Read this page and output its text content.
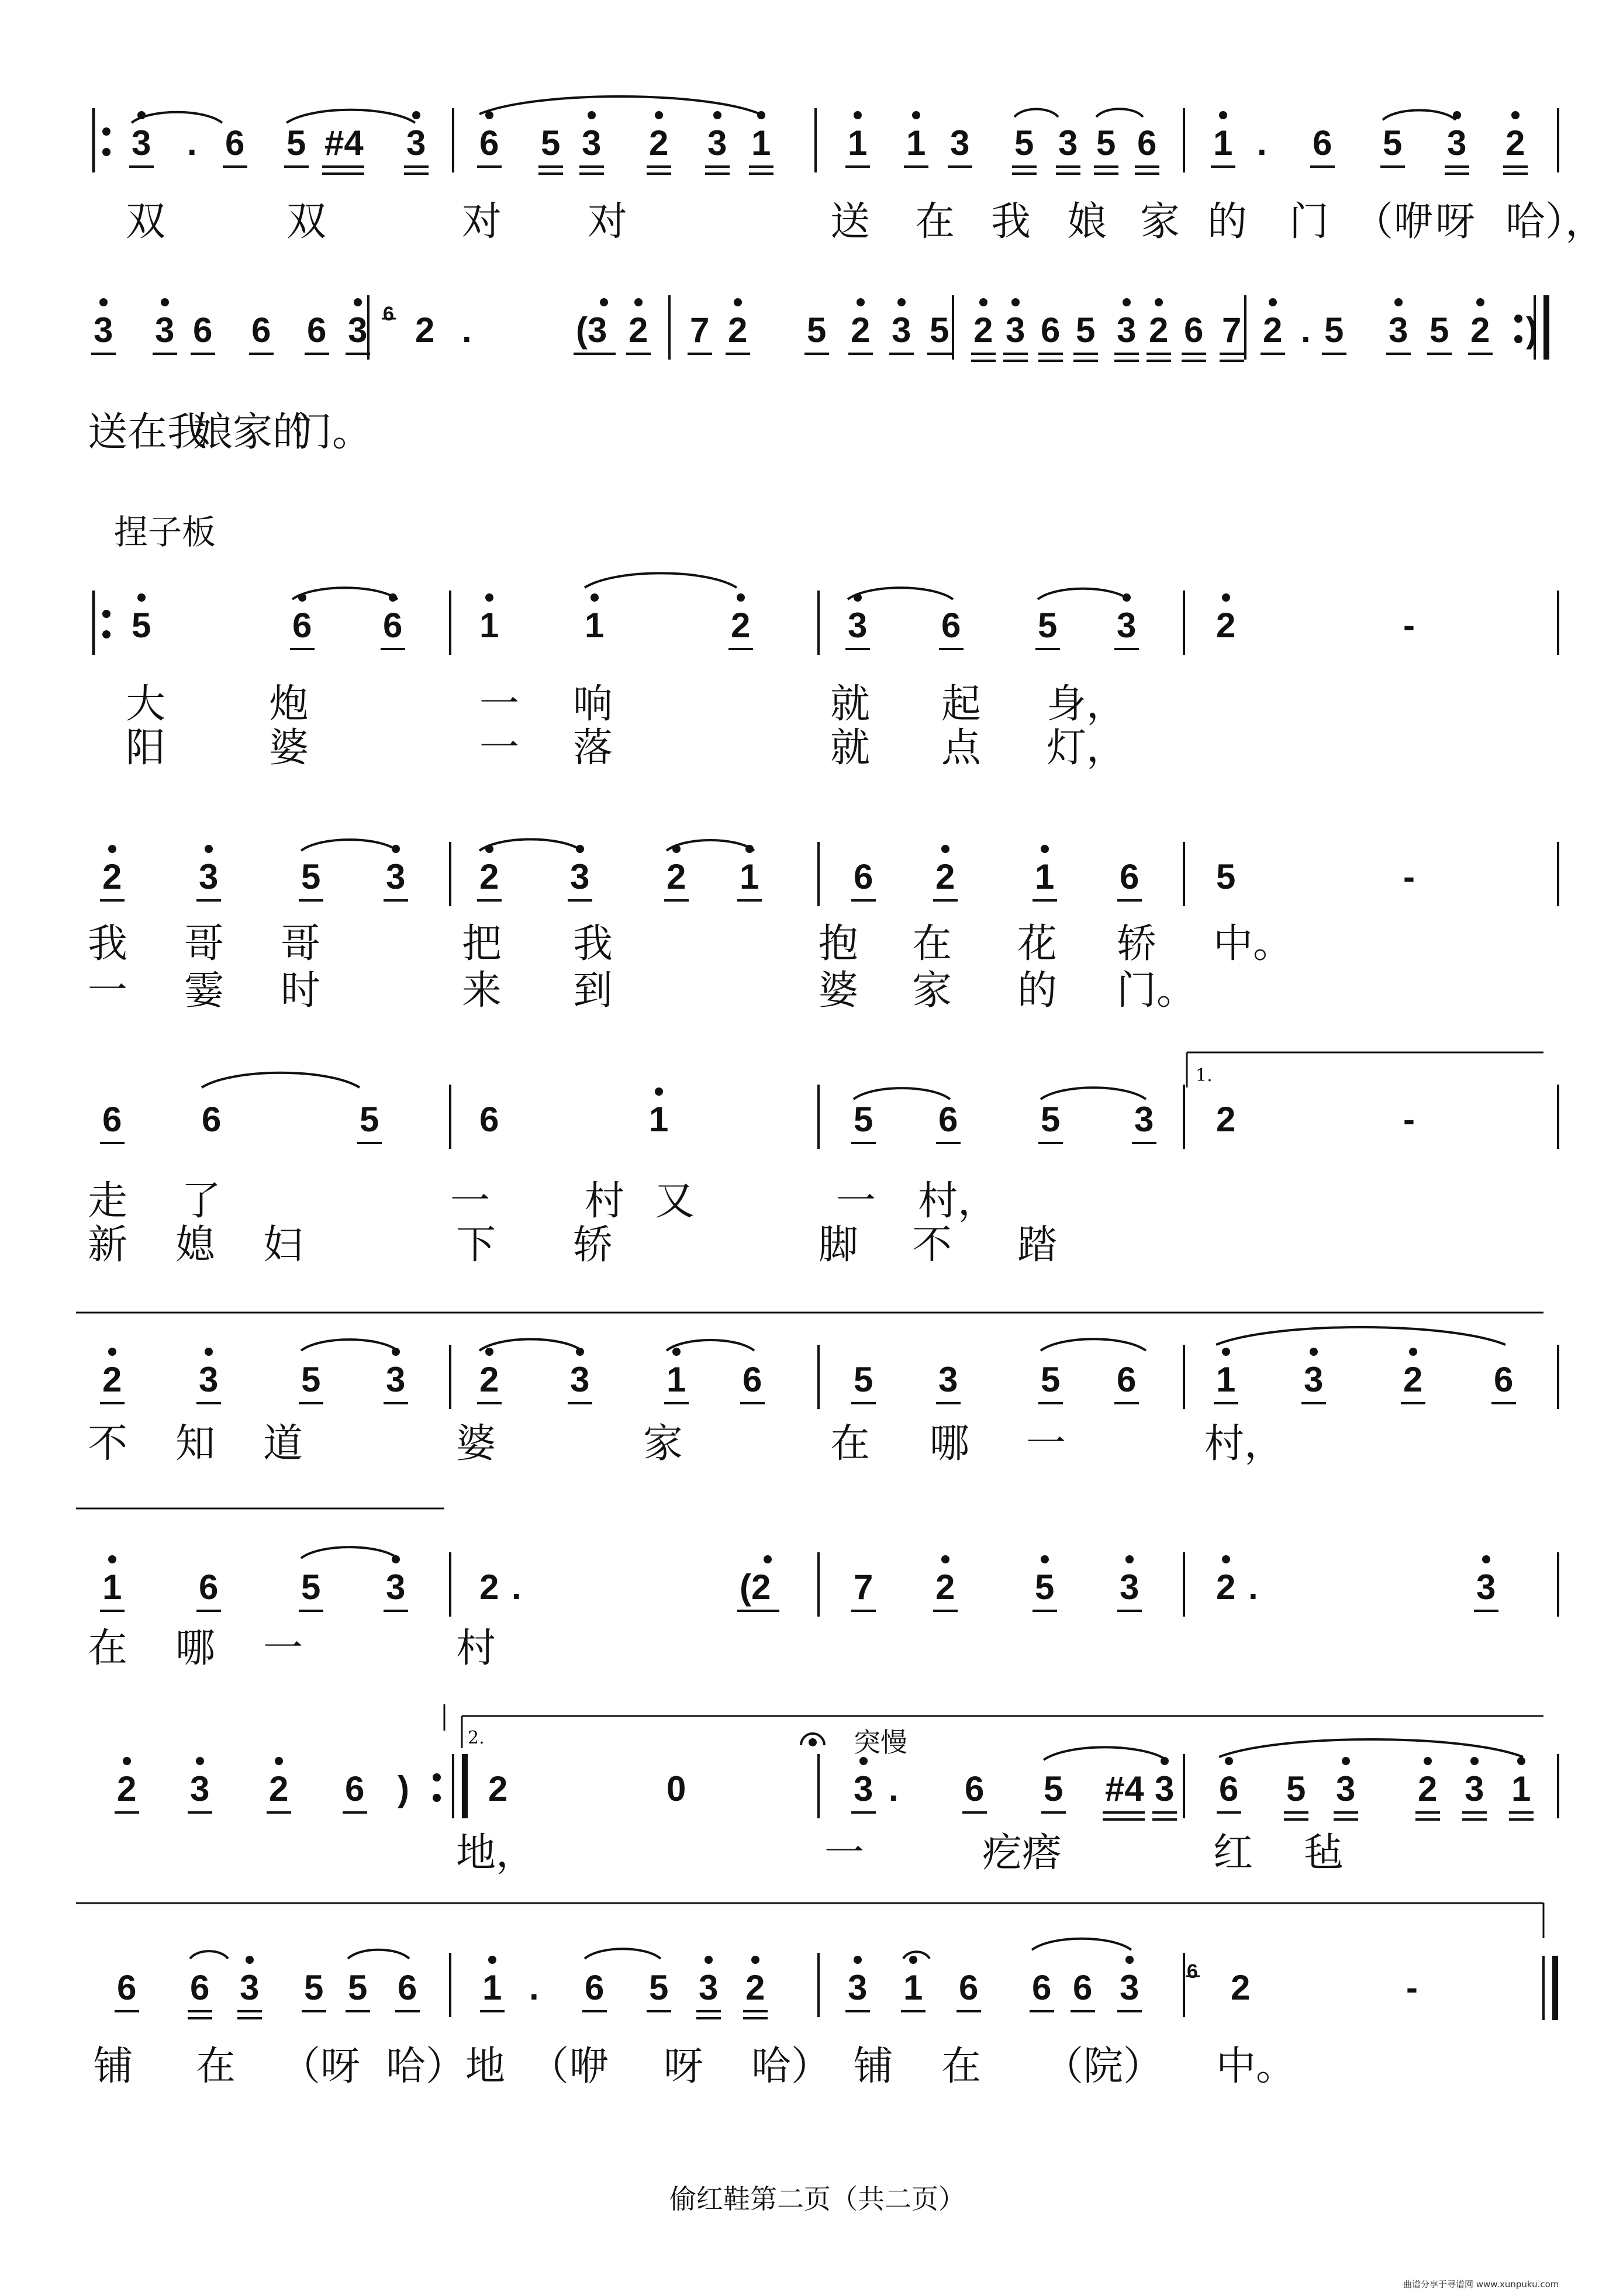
3 . 6 5 #4 3 6 5 3 2 3 1 1 1 3 5 3 5 6 1 . 6 5 3 2
双	双	对 对	送 在 我 娘 家 的 门 （咿 呀 哈），
3 3 6 6 6 3 2 .	(3 2 7 2 5 2 3 5 2 3 6 5 3 2 6 7 2 . 5 3 5 2 )
送在我
娘家的
门。
5	6 6 1 1	2	3 6 5 3 2	-
大	炮	一 响	就 起 身，
阳	婆	一 落	就 点 灯，
2 3 5 3 2 3 2 1	6 2 1 6 5	-
我 哥 哥	把 我	抱 在 花 轿 中。
一 霎 时	来 到	婆 家 的 门。
6 6	5	6	1	5 6 5 3 2	-
走 了	一 村 又	一 村，
新 媳 妇	下 轿	脚 不 踏
2 3 5 3 2 3 1 6	5 3 5 6 1 3 2 6
不 知 道	婆	家	在 哪 一	村，
1 6 5 3 2 .	(2 7 2 5 3 2 .	3
在 哪 一	村
2 3 2 6 ) 2	0	3 . 6 5 #4 3 6 5 3 2 3 1
地，	一	疙瘩	红 毡
6 6 3 5 5 6 1 . 6 5 3 2 3 1 6 6 6 3	2	-
铺 在 （呀 哈）地 （咿 呀 哈） 铺 在 （院） 中。
6
6
捏子板
偷红鞋第二页（共二页）
曲谱分享于寻谱网 www.xunpuku.com
1.
2.	突慢
